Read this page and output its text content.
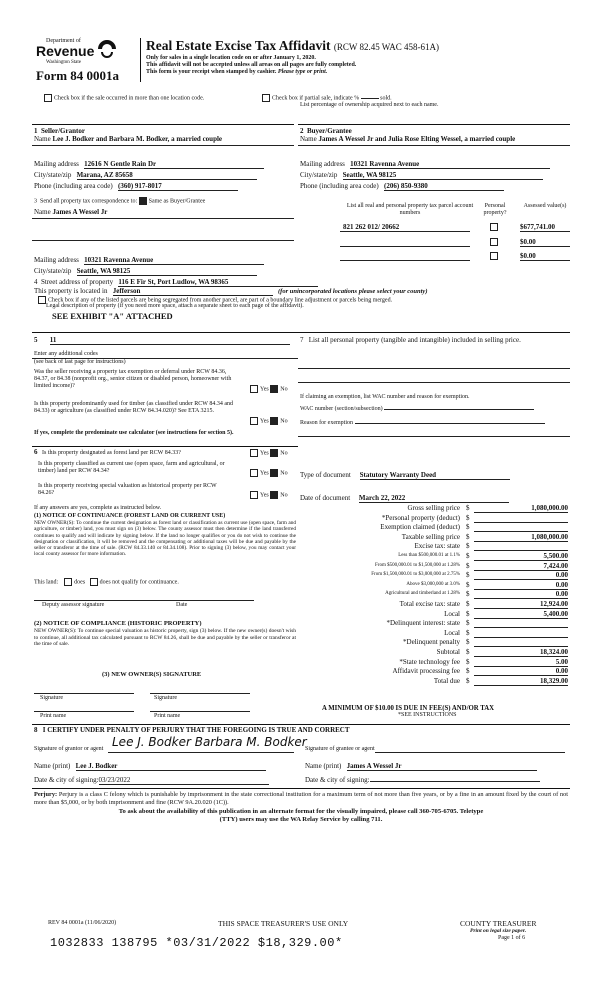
Department of
Revenue
Washington State
Form 84 0001a
Real Estate Excise Tax Affidavit (RCW 82.45 WAC 458-61A)
Only for sales in a single location code on or after January 1, 2020.
This affidavit will not be accepted unless all areas on all pages are fully completed.
This form is your receipt when stamped by cashier. Please type or print.
Check box if the sale occurred in more than one location code.	Check box if partial sale, indicate %	sold.
List percentage of ownership acquired next to each name.
1  Seller/Grantor
Name Lee J. Bodker and Barbara M. Bodker, a married couple
2  Buyer/Grantee
Name James A Wessel Jr and Julia Rose Elting Wessel, a married couple
Mailing address 12616 N Gentle Rain Dr
City/state/zip Marana, AZ 85658
Phone (including area code) (360) 917-8017
Mailing address 10321 Ravenna Avenue
City/state/zip Seattle, WA 98125
Phone (including area code) (206) 850-9380
3  Send all property tax correspondence to: Same as Buyer/Grantee
Name James A Wessel Jr
Mailing address 10321 Ravenna Avenue
City/state/zip Seattle, WA 98125
List all real and personal property tax parcel account numbers
Personal property?
Assessed value(s)
821 262 012/ 20662	$677,741.00
$0.00
$0.00
4  Street address of property 116 E Fir St, Port Ludlow, WA 98365
This property is located in Jefferson	(for unincorporated locations please select your county)
Check box if any of the listed parcels are being segregated from another parcel, are part of a boundary line adjustment or parcels being merged.
Legal description of property (if you need more space, attach a separate sheet to each page of the affidavit).
SEE EXHIBIT "A" ATTACHED
5       11
Enter any additional codes
(see back of last page for instructions)
Was the seller receiving a property tax exemption or deferral under RCW 84.36, 84.37, or 84.38 (nonprofit org., senior citizen or disabled person, homeowner with limited income)?
Yes No
Is this property predominantly used for timber (as classified under RCW 84.34 and 84.33) or agriculture (as classified under RCW 84.34.020)? See ETA 3215.
Yes No
If yes, complete the predominate use calculator (see instructions for section 5).
7   List all personal property (tangible and intangible) included in selling price.
If claiming an exemption, list WAC number and reason for exemption.
WAC number (section/subsection)
Reason for exemption
6 Is this property designated as forest land per RCW 84.33?	Yes No
Is this property classified as current use (open space, farm and agricultural, or timber) land per RCW 84.34?	Yes No
Is this property receiving special valuation as historical property per RCW 84.26?	Yes No
If any answers are yes, complete as instructed below.
(1) NOTICE OF CONTINUANCE (FOREST LAND OR CURRENT USE)
NEW OWNER(S): To continue the current designation as forest land or classification as current use (open space, farm and agriculture, or timber) land, you must sign on (3) below. The county assessor must then determine if the land transferred continues to qualify and will indicate by signing below. If the land no longer qualifies or you do not wish to continue the designation or classification, it will be removed and the compensating or additional taxes will be due and payable by the seller or transferor at the time of sale. (RCW 84.33.140 or 84.34.108). Prior to signing (3) below, you may contact your local county assessor for more information.
This land:	does does not qualify for continuance.
Deputy assessor signature	Date
(2) NOTICE OF COMPLIANCE (HISTORIC PROPERTY)
NEW OWNER(S): To continue special valuation as historic property, sign (3) below. If the new owner(s) doesn't wish to continue, all additional tax calculated pursuant to RCW 84.26, shall be due and payable by the seller or transferor at the time of sale.
(3) NEW OWNER(S) SIGNATURE
Signature	Signature
Print name	Print name
Type of document Statutory Warranty Deed
Date of document March 22, 2022
Gross selling price $	1,080,000.00
*Personal property (deduct) $
Exemption claimed (deduct) $
Taxable selling price $	1,080,000.00
Excise tax: state $
Less than $500,000.01 at 1.1% $	5,500.00
From $500,000.01 to $1,500,000 at 1.28% $	7,424.00
From $1,500,000.01 to $3,000,000 at 2.75% $	0.00
Above $3,000,000 at 3.0% $	0.00
Agricultural and timberland at 1.28% $	0.00
Total excise tax: state $	12,924.00
Local $	5,400.00
*Delinquent interest: state $
Local $
*Delinquent penalty $
Subtotal $	18,324.00
*State technology fee $	5.00
Affidavit processing fee $	0.00
Total due $	18,329.00
A MINIMUM OF $10.00 IS DUE IN FEE(S) AND/OR TAX
*SEE INSTRUCTIONS
8   I CERTIFY UNDER PENALTY OF PERJURY THAT THE FOREGOING IS TRUE AND CORRECT
Signature of grantor or agent Lee J. Bodker Barbara M. Bodker
Signature of grantee or agent
Name (print) Lee J. Bodker	Name (print) James A Wessel Jr
Date & city of signing:03/23/2022	Date & city of signing:
Perjury: Perjury is a class C felony which is punishable by imprisonment in the state correctional institution for a maximum term of not more than five years, or by a fine in an amount fixed by the court of not more than $5,000, or by both imprisonment and fine (RCW 9A.20.020 (1C)).
To ask about the availability of this publication in an alternate format for the visually impaired, please call 360-705-6705. Teletype
(TTY) users may use the WA Relay Service by calling 711.
REV 84 0001a (11/06/2020)	THIS SPACE TREASURER'S USE ONLY	COUNTY TREASURER
Print on legal size paper.
Page 1 of 6
1032833 138795 *03/31/2022 $18,329.00*
